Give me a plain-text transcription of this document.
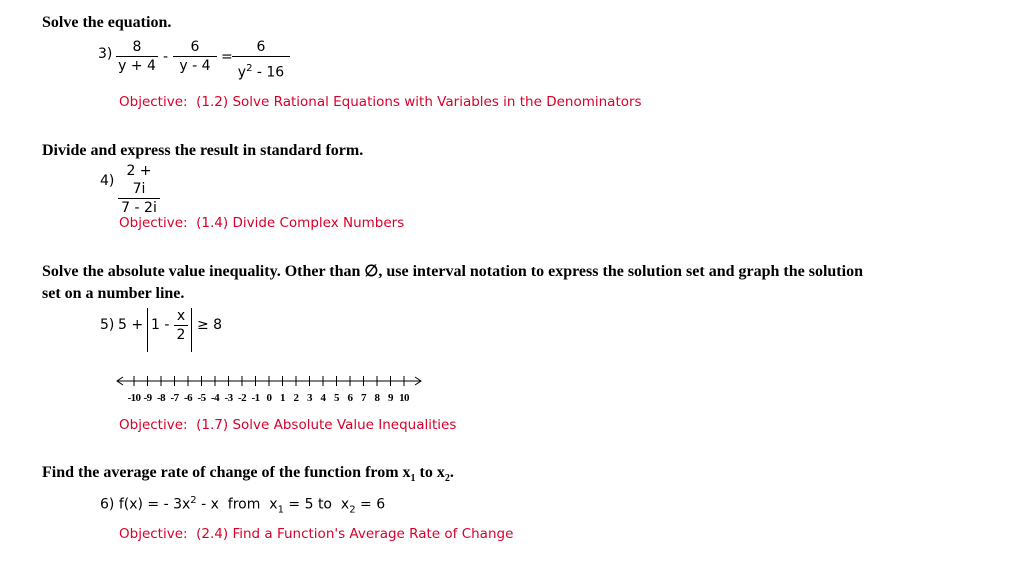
Solve the equation.
3)	8
y + 4
-
6
y - 4
=
6
$y^2 - 16$
Objective:  (1.2) Solve Rational Equations with Variables in the Denominators
Divide and express the result in standard form.
4)
2 + 7i
7 - 2i
Objective:  (1.4) Divide Complex Numbers
Solve the absolute value inequality. Other than ∅, use interval notation to express the solution set and graph the solution
set on a number line.
5) 5 + 1 -
x
2
≥ 8
-10 -9 -8 -7 -6 -5 -4 -3 -2 -1 0 1 2 3 4 5 6 7 8 9 10
Objective:  (1.7) Solve Absolute Value Inequalities
Find the average rate of change of the function from $x_1$ to $x_2$.
6) f(x) = - $3x^2$ - x  from  $x_1 = 5$ to  $x_2 = 6$
Objective:  (2.4) Find a Function's Average Rate of Change
